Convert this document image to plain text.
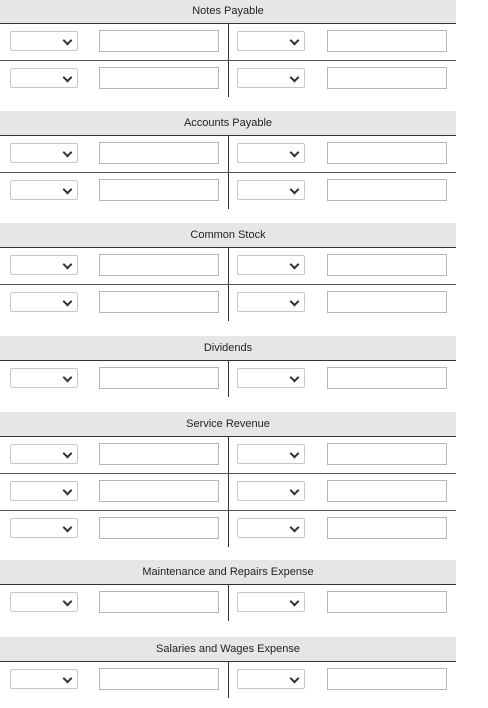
Notes Payable
Accounts Payable
Common Stock
Dividends
Service Revenue
Maintenance and Repairs Expense
Salaries and Wages Expense
